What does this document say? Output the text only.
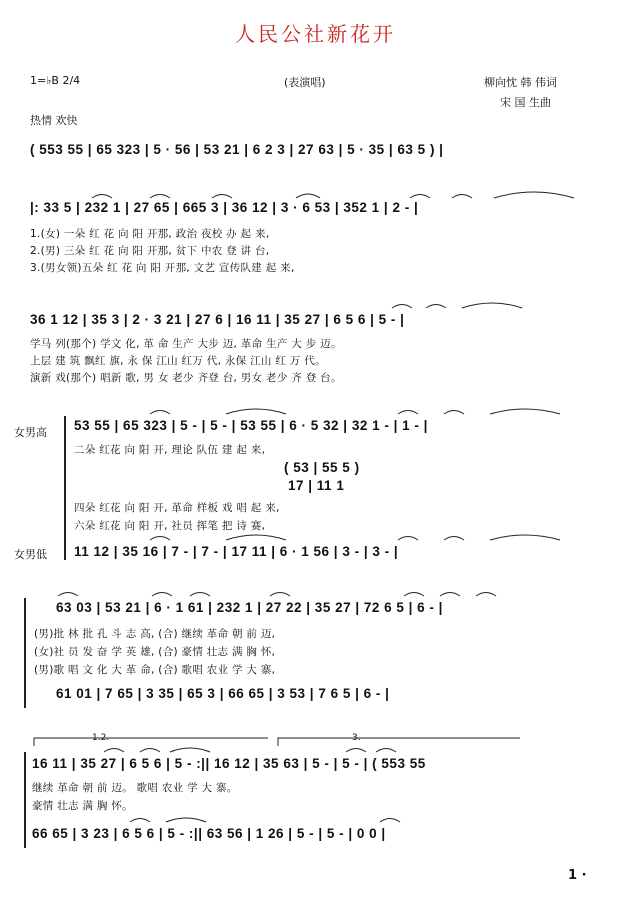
人民公社新花开
1=♭B 2/4	(表演唱)	柳向忱 韩 伟词
宋 国 生曲
热情 欢快
( 553 55 | 65 323 | 5 · 56 | 53 21 | 6 2 3 | 27 63 | 5 · 35 | 63 5 ) |
|: 33 5 | 232 1 | 27 65 | 665 3 | 36 12 | 3 · 6 53 | 352 1 | 2 - |
1.(女) 一朵 红 花 向 阳 开那, 政治 夜校 办 起 来,
2.(男) 三朵 红 花 向 阳 开那, 贫下 中农 登 讲 台,
3.(男女领)五朵 红 花 向 阳 开那, 文艺 宣传队建 起 来,
36 1 12 | 35 3 | 2 · 3 21 | 27 6 | 16 11 | 35 27 | 6 5 6 | 5 - |
学马 列(那个) 学文 化, 革 命 生产 大步 迈, 革命 生产 大 步 迈。
上层 建 筑 飘红 旗, 永 保 江山 红万 代, 永保 江山 红 万 代。
演新 戏(那个) 唱新 歌, 男 女 老少 齐登 台, 男女 老少 齐 登 台。
女男高 53 55 | 65 323 | 5 - | 5 - | 53 55 | 6 · 5 32 | 32 1 - | 1 - |
二朵 红花 向 阳 开, 理论 队伍 建 起 来,
( 53 | 55 5 )
17 | 11 1
四朵 红花 向 阳 开, 革命 样板 戏 唱 起 来,
六朵 红花 向 阳 开, 社员 挥笔 把 诗 赛,
女男低 11 12 | 35 16 | 7 - | 7 - | 17 11 | 6 · 1 56 | 3 - | 3 - |
63 03 | 53 21 | 6 · 1 61 | 232 1 | 27 22 | 35 27 | 72 6 5 | 6 - |
(男)批 林 批 孔 斗 志 高, (合) 继续 革命 朝 前 迈,
(女)社 员 发 奋 学 英 雄, (合) 豪情 壮志 满 胸 怀,
(男)歌 唱 文 化 大 革 命, (合) 歌唱 农业 学 大 寨,
61 01 | 7 65 | 3 35 | 65 3 | 66 65 | 3 53 | 7 6 5 | 6 - |
1.2.	3.
16 11 | 35 27 | 6 5 6 | 5 - :|| 16 12 | 35 63 | 5 - | 5 - | ( 553 55
继续 革命 朝 前 迈。 歌唱 农业 学 大 寨。
豪情 壮志 满 胸 怀。
66 65 | 3 23 | 6 5 6 | 5 - :|| 63 56 | 1 26 | 5 - | 5 - | 0 0 |
1 ·
